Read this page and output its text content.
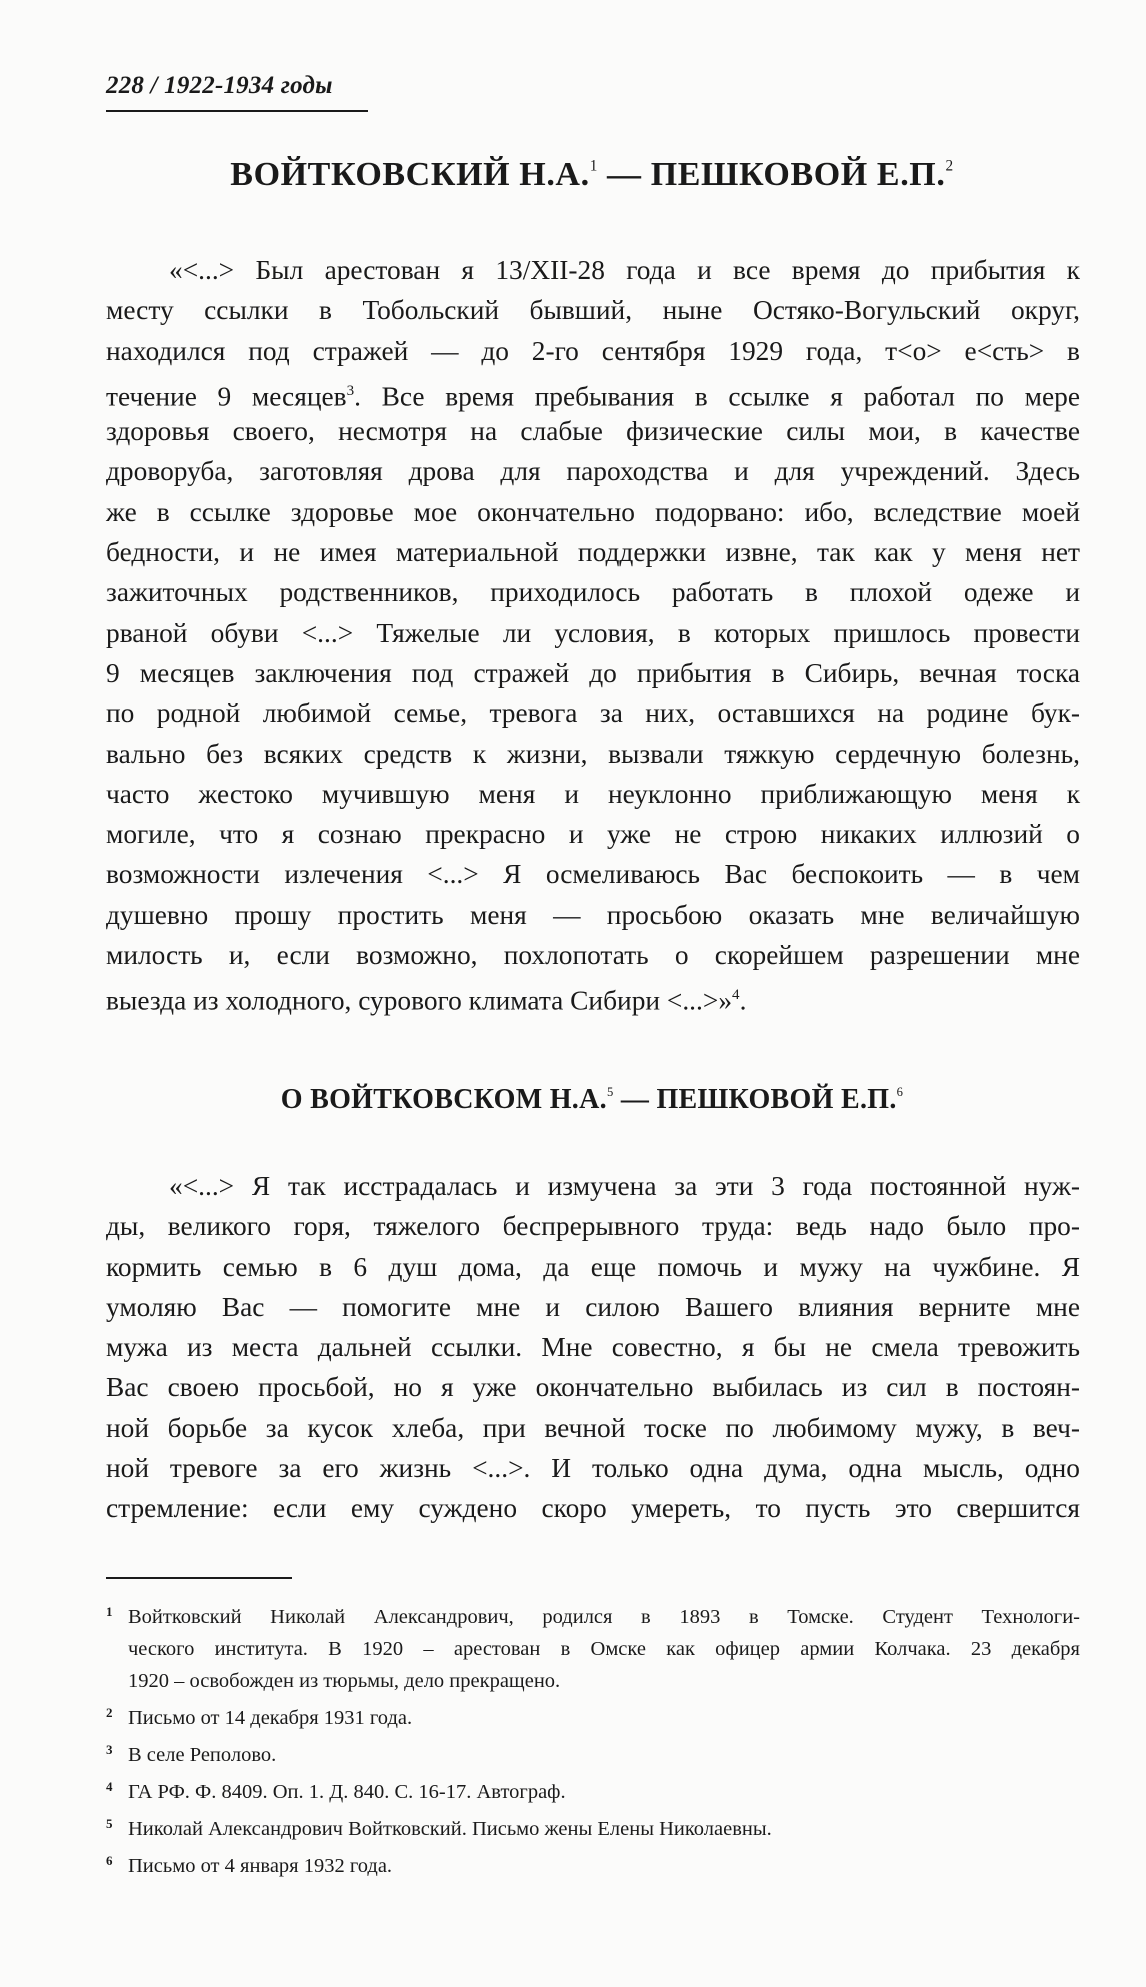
228 / 1922-1934 годы
ВОЙТКОВСКИЙ Н.А.$^1$ — ПЕШКОВОЙ Е.П.$^2$
«<...> Был арестован я 13/XII-28 года и все время до прибытия к
месту ссылки в Тобольский бывший, ныне Остяко-Вогульский округ,
находился под стражей — до 2-го сентября 1929 года, т<о> е<сть> в
течение 9 месяцев$^3$. Все время пребывания в ссылке я работал по мере
здоровья своего, несмотря на слабые физические силы мои, в качестве
дроворуба, заготовляя дрова для пароходства и для учреждений. Здесь
же в ссылке здоровье мое окончательно подорвано: ибо, вследствие моей
бедности, и не имея материальной поддержки извне, так как у меня нет
зажиточных родственников, приходилось работать в плохой одеже и
рваной обуви <...> Тяжелые ли условия, в которых пришлось провести
9 месяцев заключения под стражей до прибытия в Сибирь, вечная тоска
по родной любимой семье, тревога за них, оставшихся на родине бук-
вально без всяких средств к жизни, вызвали тяжкую сердечную болезнь,
часто жестоко мучившую меня и неуклонно приближающую меня к
могиле, что я сознаю прекрасно и уже не строю никаких иллюзий о
возможности излечения <...> Я осмеливаюсь Вас беспокоить — в чем
душевно прошу простить меня — просьбою оказать мне величайшую
милость и, если возможно, похлопотать о скорейшем разрешении мне
выезда из холодного, сурового климата Сибири <...>»$^4$.
О ВОЙТКОВСКОМ Н.А.$^5$ — ПЕШКОВОЙ Е.П.$^6$
«<...> Я так исстрадалась и измучена за эти 3 года постоянной нуж-
ды, великого горя, тяжелого беспрерывного труда: ведь надо было про-
кормить семью в 6 душ дома, да еще помочь и мужу на чужбине. Я
умоляю Вас — помогите мне и силою Вашего влияния верните мне
мужа из места дальней ссылки. Мне совестно, я бы не смела тревожить
Вас своею просьбой, но я уже окончательно выбилась из сил в постоян-
ной борьбе за кусок хлеба, при вечной тоске по любимому мужу, в веч-
ной тревоге за его жизнь <...>. И только одна дума, одна мысль, одно
стремление: если ему суждено скоро умереть, то пусть это свершится
1 Войтковский Николай Александрович, родился в 1893 в Томске. Студент Технологи-
ческого института. В 1920 – арестован в Омске как офицер армии Колчака. 23 декабря
1920 – освобожден из тюрьмы, дело прекращено.
2 Письмо от 14 декабря 1931 года.
3 В селе Реполово.
4 ГА РФ. Ф. 8409. Оп. 1. Д. 840. С. 16-17. Автограф.
5 Николай Александрович Войтковский. Письмо жены Елены Николаевны.
6 Письмо от 4 января 1932 года.
